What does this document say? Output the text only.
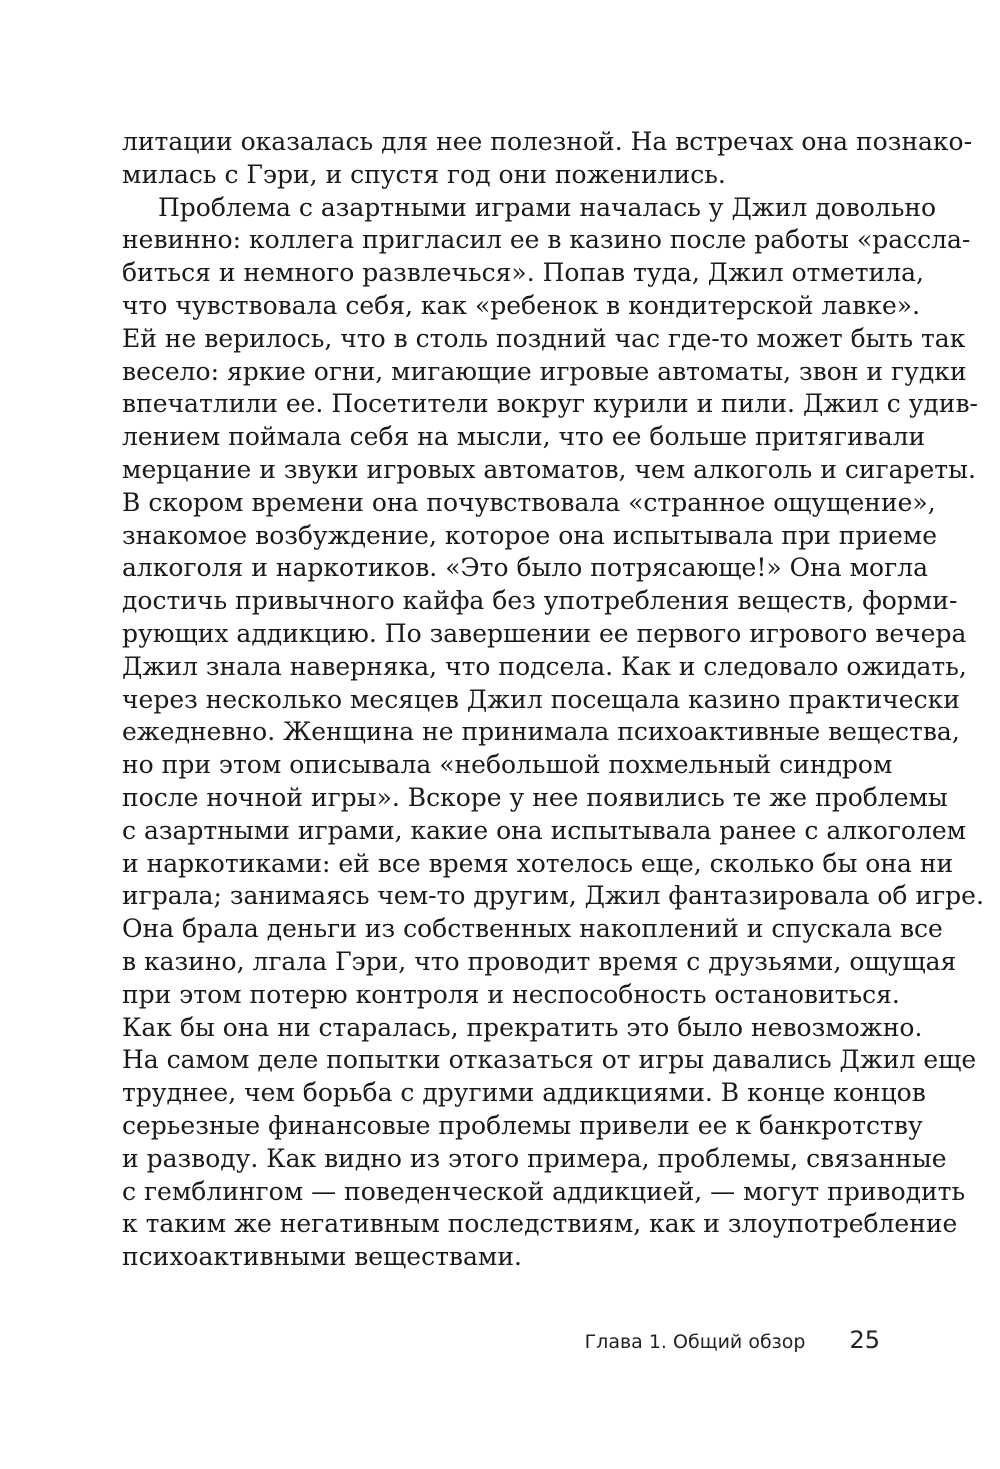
литации оказалась для нее полезной. На встречах она познако-
милась с Гэри, и спустя год они поженились.
Проблема с азартными играми началась у Джил довольно
невинно: коллега пригласил ее в казино после работы «рассла-
биться и немного развлечься». Попав туда, Джил отметила,
что чувствовала себя, как «ребенок в кондитерской лавке».
Ей не верилось, что в столь поздний час где-то может быть так
весело: яркие огни, мигающие игровые автоматы, звон и гудки
впечатлили ее. Посетители вокруг курили и пили. Джил с удив-
лением поймала себя на мысли, что ее больше притягивали
мерцание и звуки игровых автоматов, чем алкоголь и сигареты.
В скором времени она почувствовала «странное ощущение»,
знакомое возбуждение, которое она испытывала при приеме
алкоголя и наркотиков. «Это было потрясающе!» Она могла
достичь привычного кайфа без употребления веществ, форми-
рующих аддикцию. По завершении ее первого игрового вечера
Джил знала наверняка, что подсела. Как и следовало ожидать,
через несколько месяцев Джил посещала казино практически
ежедневно. Женщина не принимала психоактивные вещества,
но при этом описывала «небольшой похмельный синдром
после ночной игры». Вскоре у нее появились те же проблемы
с азартными играми, какие она испытывала ранее с алкоголем
и наркотиками: ей все время хотелось еще, сколько бы она ни
играла; занимаясь чем-то другим, Джил фантазировала об игре.
Она брала деньги из собственных накоплений и спускала все
в казино, лгала Гэри, что проводит время с друзьями, ощущая
при этом потерю контроля и неспособность остановиться.
Как бы она ни старалась, прекратить это было невозможно.
На самом деле попытки отказаться от игры давались Джил еще
труднее, чем борьба с другими аддикциями. В конце концов
серьезные финансовые проблемы привели ее к банкротству
и разводу. Как видно из этого примера, проблемы, связанные
с гемблингом — поведенческой аддикцией, — могут приводить
к таким же негативным последствиям, как и злоупотребление
психоактивными веществами.
Глава 1. Общий обзор 25
